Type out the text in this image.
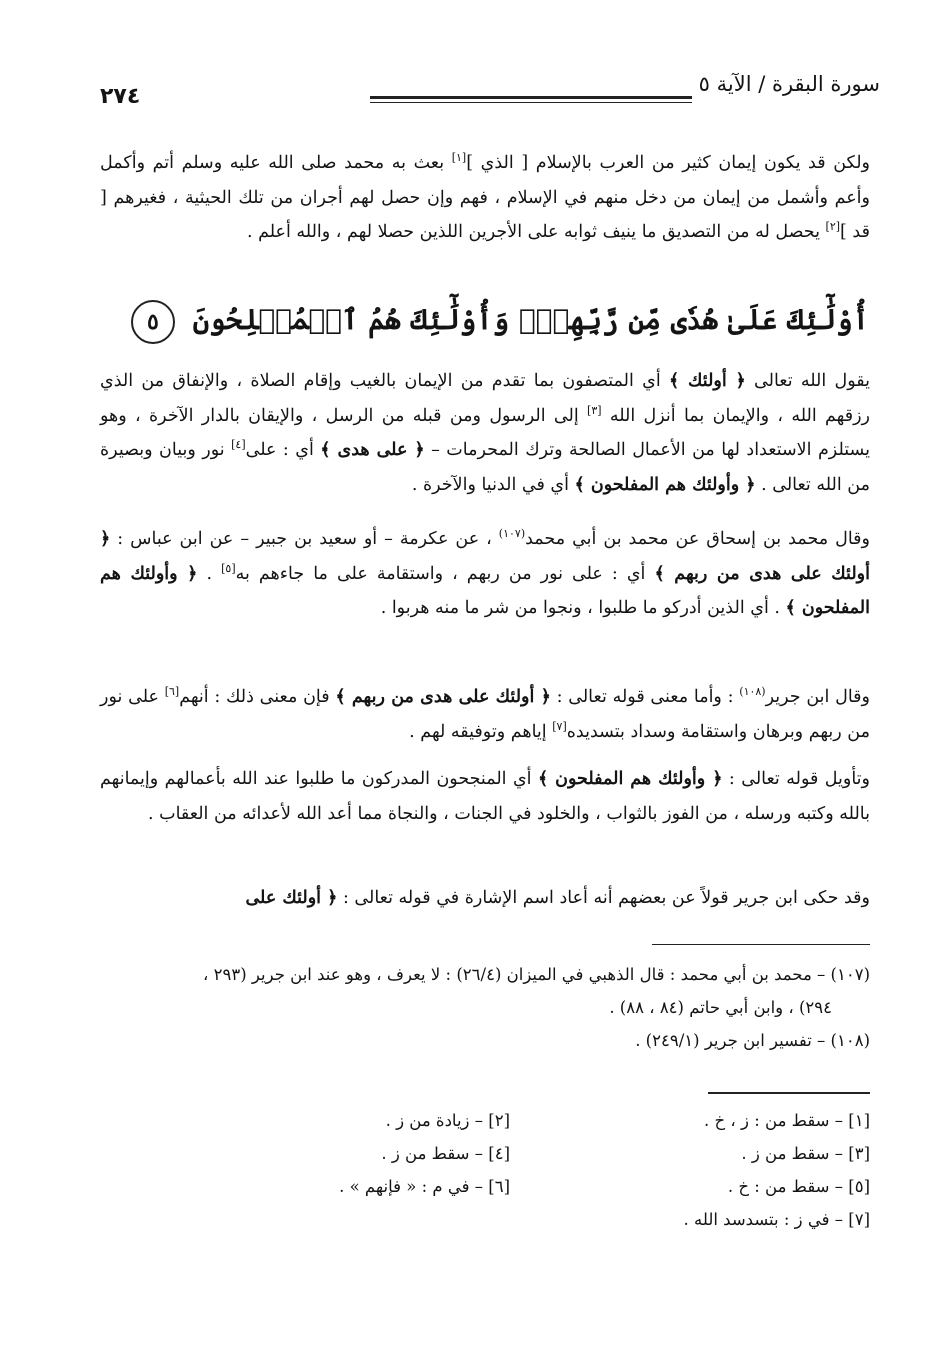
سورة البقرة / الآية ٥
٢٧٤
ولكن قد يكون إيمان كثير من العرب بالإسلام [ الذي ][١] بعث به محمد صلى الله عليه وسلم أتم وأكمل وأعم وأشمل من إيمان من دخل منهم في الإسلام ، فهم وإن حصل لهم أجران من تلك الحيثية ، فغيرهم [ قد ][٢] يحصل له من التصديق ما ينيف ثوابه على الأجرين اللذين حصلا لهم ، والله أعلم .
أُوْلَٰٓئِكَ عَلَىٰ هُدٗى مِّن رَّبِّهِمۡۖ وَأُوْلَٰٓئِكَ هُمُ ٱلۡمُفۡلِحُونَ ٥
يقول الله تعالى ﴿ أولئك ﴾ أي المتصفون بما تقدم من الإيمان بالغيب وإقام الصلاة ، والإنفاق من الذي رزقهم الله ، والإيمان بما أنزل الله [٣] إلى الرسول ومن قبله من الرسل ، والإيقان بالدار الآخرة ، وهو يستلزم الاستعداد لها من الأعمال الصالحة وترك المحرمات – ﴿ على هدى ﴾ أي : على[٤] نور وبيان وبصيرة من الله تعالى . ﴿ وأولئك هم المفلحون ﴾ أي في الدنيا والآخرة .
وقال محمد بن إسحاق عن محمد بن أبي محمد$^{(١٠٧)}$ ، عن عكرمة – أو سعيد بن جبير – عن ابن عباس : ﴿ أولئك على هدى من ربهم ﴾ أي : على نور من ربهم ، واستقامة على ما جاءهم به[٥] . ﴿ وأولئك هم المفلحون ﴾ . أي الذين أدركو ما طلبوا ، ونجوا من شر ما منه هربوا .
وقال ابن جرير$^{(١٠٨)}$ : وأما معنى قوله تعالى : ﴿ أولئك على هدى من ربهم ﴾ فإن معنى ذلك : أنهم[٦] على نور من ربهم وبرهان واستقامة وسداد بتسديده[٧] إياهم وتوفيقه لهم .
وتأويل قوله تعالى : ﴿ وأولئك هم المفلحون ﴾ أي المنجحون المدركون ما طلبوا عند الله بأعمالهم وإيمانهم بالله وكتبه ورسله ، من الفوز بالثواب ، والخلود في الجنات ، والنجاة مما أعد الله لأعدائه من العقاب .
وقد حكى ابن جرير قولاً عن بعضهم أنه أعاد اسم الإشارة في قوله تعالى : ﴿ أولئك على

(١٠٧) – محمد بن أبي محمد : قال الذهبي في الميزان (٢٦/٤) : لا يعرف ، وهو عند ابن جرير (٢٩٣ ،

٢٩٤) ، وابن أبي حاتم (٨٤ ، ٨٨) .

(١٠٨) – تفسير ابن جرير (٢٤٩/١) .

[١] – سقط من : ز ، خ .
[٢] – زيادة من ز .
[٣] – سقط من ز .
[٤] – سقط من ز .
[٥] – سقط من : خ .
[٦] – في م : « فإنهم » .
[٧] – في ز : بتسدسد الله .
